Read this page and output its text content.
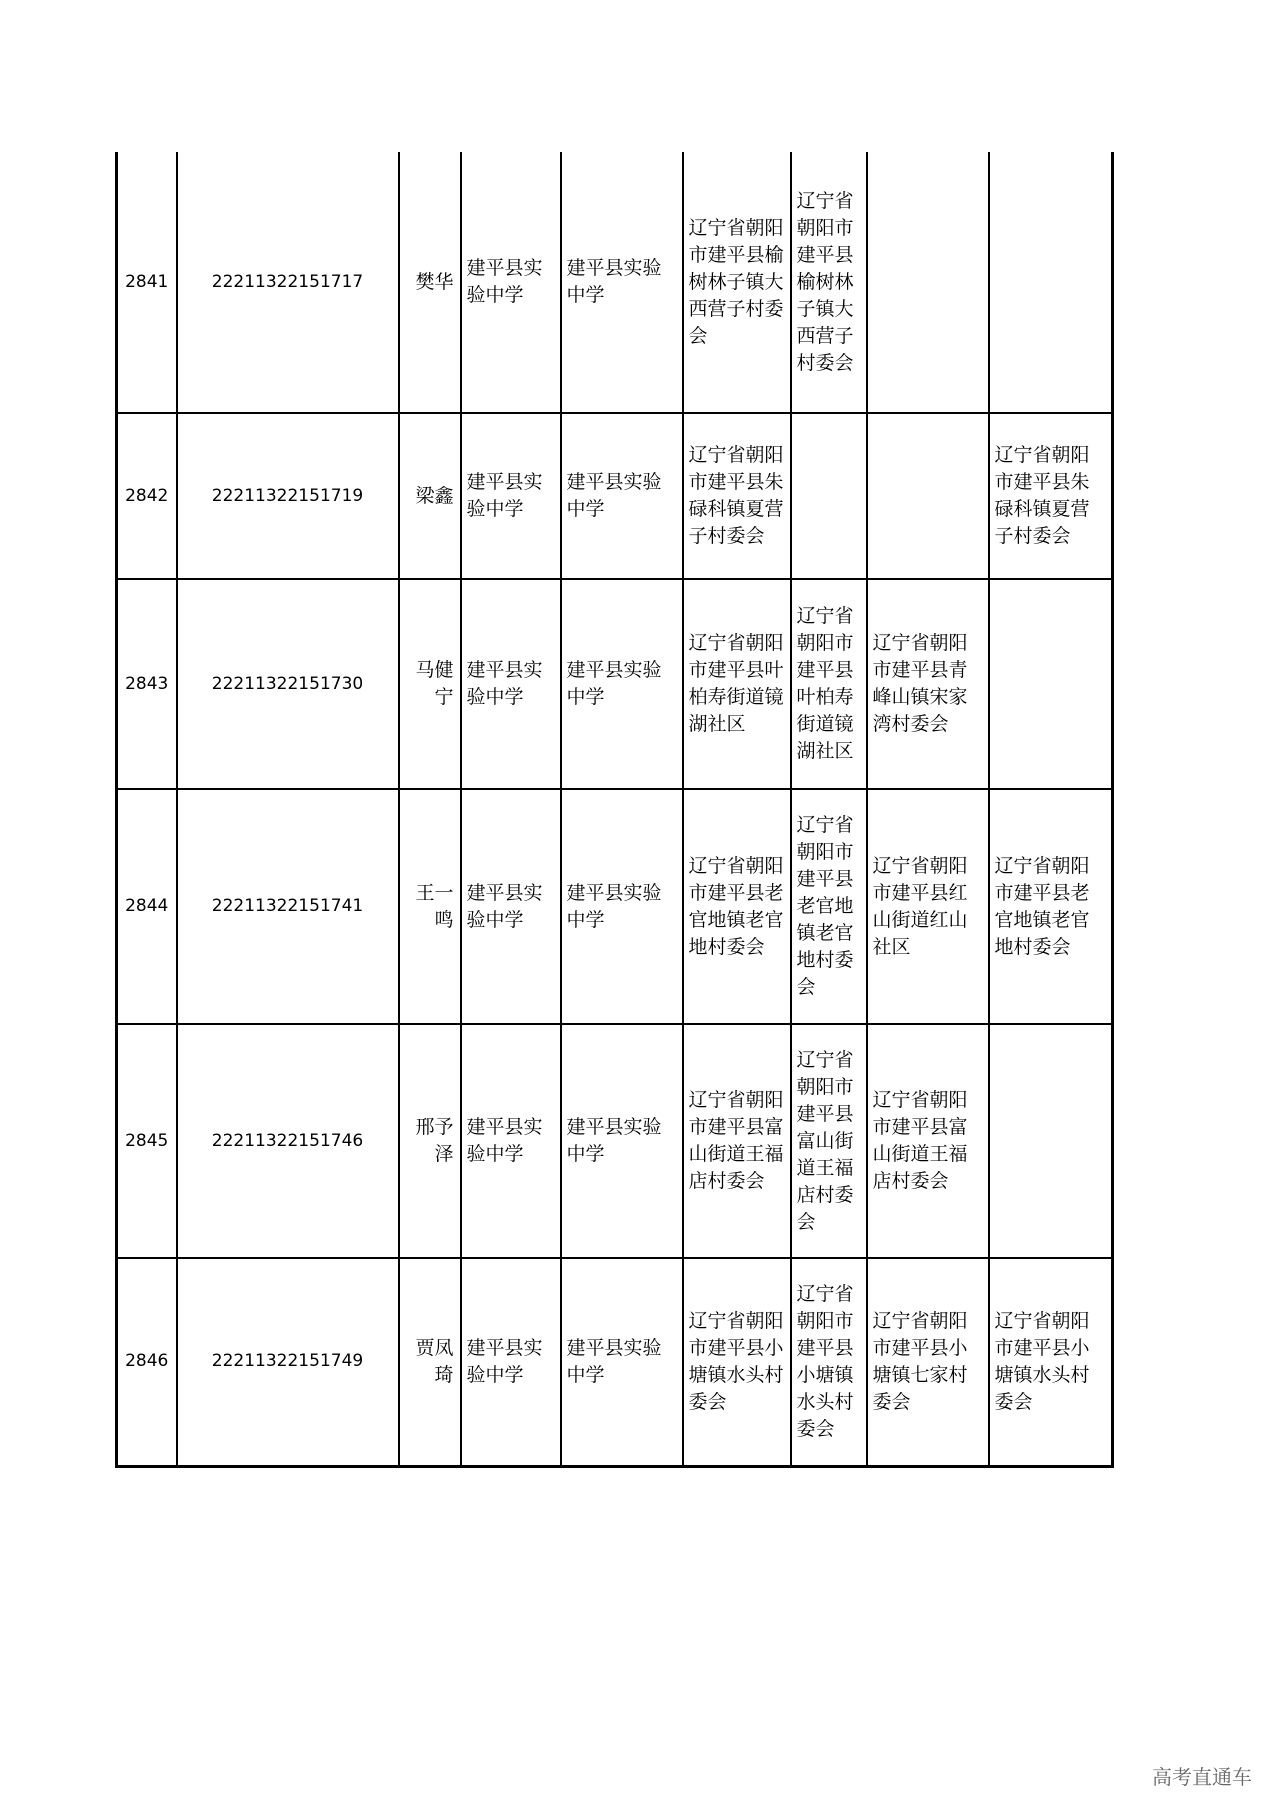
2841	22211322151717	樊华	建平县实验中学	建平县实验中学	辽宁省朝阳市建平县榆树林子镇大西营子村委会	辽宁省朝阳市建平县榆树林子镇大西营子村委会		
2842	22211322151719	梁鑫	建平县实验中学	建平县实验中学	辽宁省朝阳市建平县朱碌科镇夏营子村委会			辽宁省朝阳市建平县朱碌科镇夏营子村委会
2843	22211322151730	马健宁	建平县实验中学	建平县实验中学	辽宁省朝阳市建平县叶柏寿街道镜湖社区	辽宁省朝阳市建平县叶柏寿街道镜湖社区	辽宁省朝阳市建平县青峰山镇宋家湾村委会	
2844	22211322151741	王一鸣	建平县实验中学	建平县实验中学	辽宁省朝阳市建平县老官地镇老官地村委会	辽宁省朝阳市建平县老官地镇老官地村委会	辽宁省朝阳市建平县红山街道红山社区	辽宁省朝阳市建平县老官地镇老官地村委会
2845	22211322151746	邢予泽	建平县实验中学	建平县实验中学	辽宁省朝阳市建平县富山街道王福店村委会	辽宁省朝阳市建平县富山街道王福店村委会	辽宁省朝阳市建平县富山街道王福店村委会	
2846	22211322151749	贾凤琦	建平县实验中学	建平县实验中学	辽宁省朝阳市建平县小塘镇水头村委会	辽宁省朝阳市建平县小塘镇水头村委会	辽宁省朝阳市建平县小塘镇七家村委会	辽宁省朝阳市建平县小塘镇水头村委会
高考直通车
